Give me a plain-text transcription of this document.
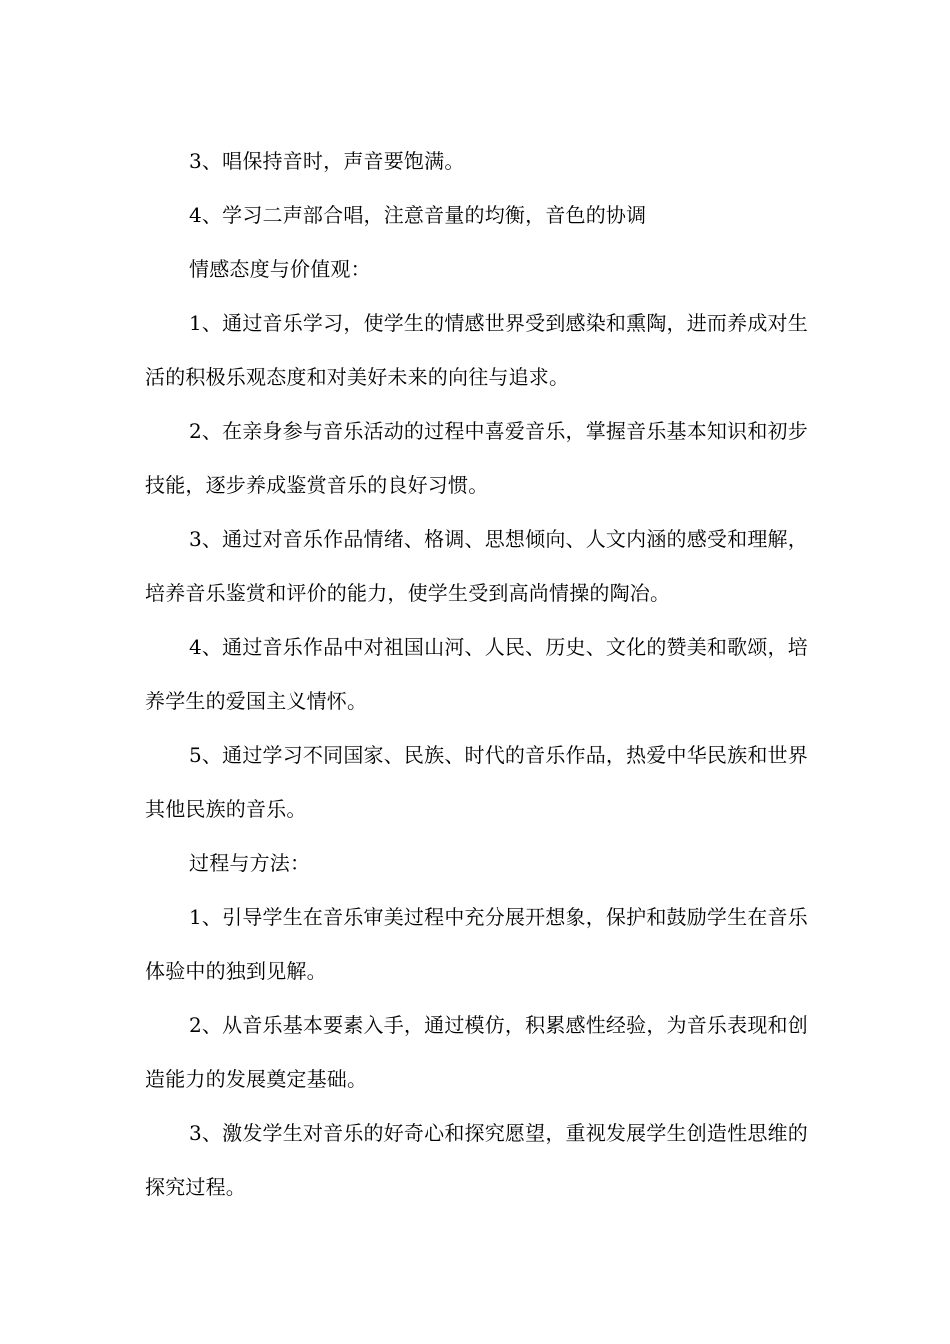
3、唱保持音时，声音要饱满。

4、学习二声部合唱，注意音量的均衡，音色的协调

情感态度与价值观：

1、通过音乐学习，使学生的情感世界受到感染和熏陶，进而养成对生活的积极乐观态度和对美好未来的向往与追求。

2、在亲身参与音乐活动的过程中喜爱音乐，掌握音乐基本知识和初步技能，逐步养成鉴赏音乐的良好习惯。

3、通过对音乐作品情绪、格调、思想倾向、人文内涵的感受和理解，培养音乐鉴赏和评价的能力，使学生受到高尚情操的陶冶。

4、通过音乐作品中对祖国山河、人民、历史、文化的赞美和歌颂，培养学生的爱国主义情怀。

5、通过学习不同国家、民族、时代的音乐作品，热爱中华民族和世界其他民族的音乐。

过程与方法：

1、引导学生在音乐审美过程中充分展开想象，保护和鼓励学生在音乐体验中的独到见解。

2、从音乐基本要素入手，通过模仿，积累感性经验，为音乐表现和创造能力的发展奠定基础。

3、激发学生对音乐的好奇心和探究愿望，重视发展学生创造性思维的探究过程。
